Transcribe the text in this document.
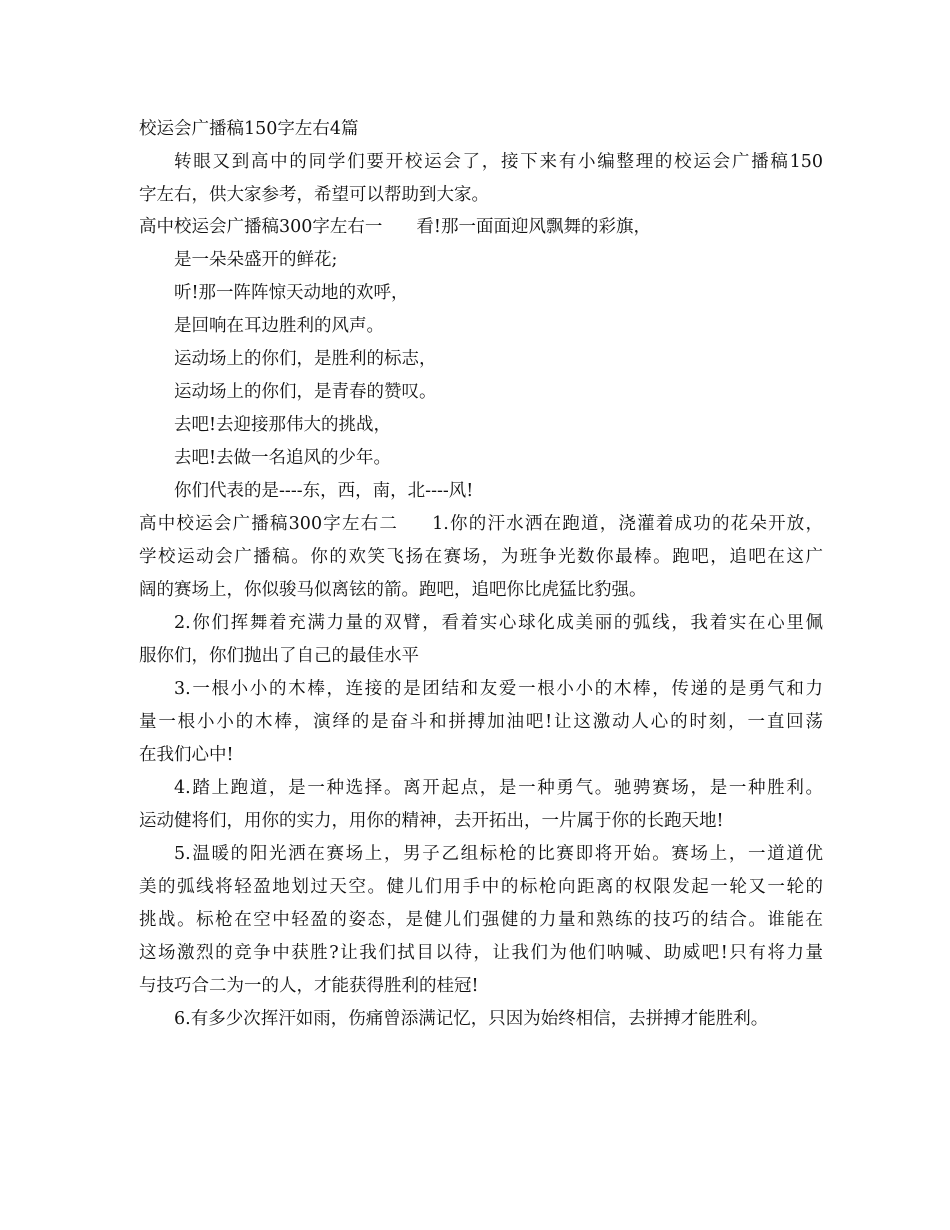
校运会广播稿150字左右4篇
转眼又到高中的同学们要开校运会了，接下来有小编整理的校运会广播稿150
字左右，供大家参考，希望可以帮助到大家。
高中校运会广播稿300字左右一 看!那一面面迎风飘舞的彩旗，
是一朵朵盛开的鲜花;
听!那一阵阵惊天动地的欢呼，
是回响在耳边胜利的风声。
运动场上的你们，是胜利的标志，
运动场上的你们，是青春的赞叹。
去吧!去迎接那伟大的挑战，
去吧!去做一名追风的少年。
你们代表的是----东，西，南，北----风!
高中校运会广播稿300字左右二 1.你的汗水洒在跑道，浇灌着成功的花朵开放，
学校运动会广播稿。你的欢笑飞扬在赛场，为班争光数你最棒。跑吧，追吧在这广
阔的赛场上，你似骏马似离铉的箭。跑吧，追吧你比虎猛比豹强。
2.你们挥舞着充满力量的双臂，看着实心球化成美丽的弧线，我着实在心里佩
服你们，你们抛出了自己的最佳水平
3.一根小小的木棒，连接的是团结和友爱一根小小的木棒，传递的是勇气和力
量一根小小的木棒，演绎的是奋斗和拼搏加油吧!让这激动人心的时刻，一直回荡
在我们心中!
4.踏上跑道，是一种选择。离开起点，是一种勇气。驰骋赛场，是一种胜利。
运动健将们，用你的实力，用你的精神，去开拓出，一片属于你的长跑天地!
5.温暖的阳光洒在赛场上，男子乙组标枪的比赛即将开始。赛场上，一道道优
美的弧线将轻盈地划过天空。健儿们用手中的标枪向距离的权限发起一轮又一轮的
挑战。标枪在空中轻盈的姿态，是健儿们强健的力量和熟练的技巧的结合。谁能在
这场激烈的竞争中获胜?让我们拭目以待，让我们为他们呐喊、助威吧!只有将力量
与技巧合二为一的人，才能获得胜利的桂冠!
6.有多少次挥汗如雨，伤痛曾添满记忆，只因为始终相信，去拼搏才能胜利。
